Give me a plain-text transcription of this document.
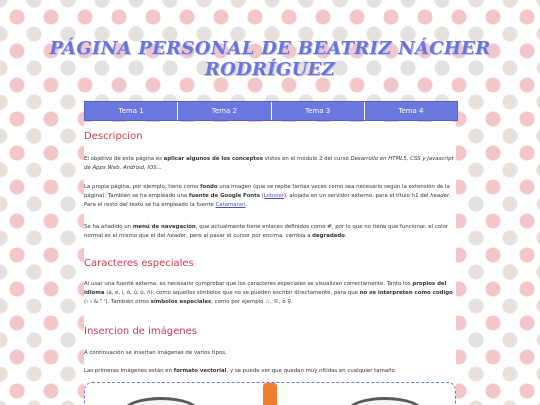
PÁGINA PERSONAL DE BEATRIZ NÁCHER RODRÍGUEZ
Tema 1	Tema 2	Tema 3	Tema 4
Descripcion

El objetivo de esta página es aplicar algunos de los conceptos vistos en el módulo 2 del curso Desarrollo en HTML5, CSS y Javascript de Apps Web, Android, IOS...

La propia página, por ejemplo, tiene como fondo una imagen (que se repite tantas veces como sea necesario según la extensión de la página). También se ha empleado una fuente de Google Fonts (Lobster), alojada en un servidor externo, para el título h1 del header. Para el resto del texto se ha empleado la fuente Catamaran.

Se ha añadido un menú de navegación, que actualmente tiene enlaces definidos como #, por lo que no tiene que funcionar. el color normal es el mismo que el del header, pero al pasar el cursor por encima, cambia a degradado.

Caracteres especiales

Al usar una fuente externa, es necesario comprobar que los caracteres especiales se visualizan correctamente. Tanto los propios del idioma (á, é, í, ó, ú, ü, ñ), como aquellos símbolos que no se pueden escribir directamente, para que no se interpreten como codigo (‹ › & " '). También otros símbolos especiales, como por ejemplo ☆, ©, o ♀.

Insercion de imágenes

A continuación se insertan imágenes de varios tipos.

Las primeras imágenes están en formato vectorial, y se puede ver que quedan muy nítidas en cualquier tamaño.
